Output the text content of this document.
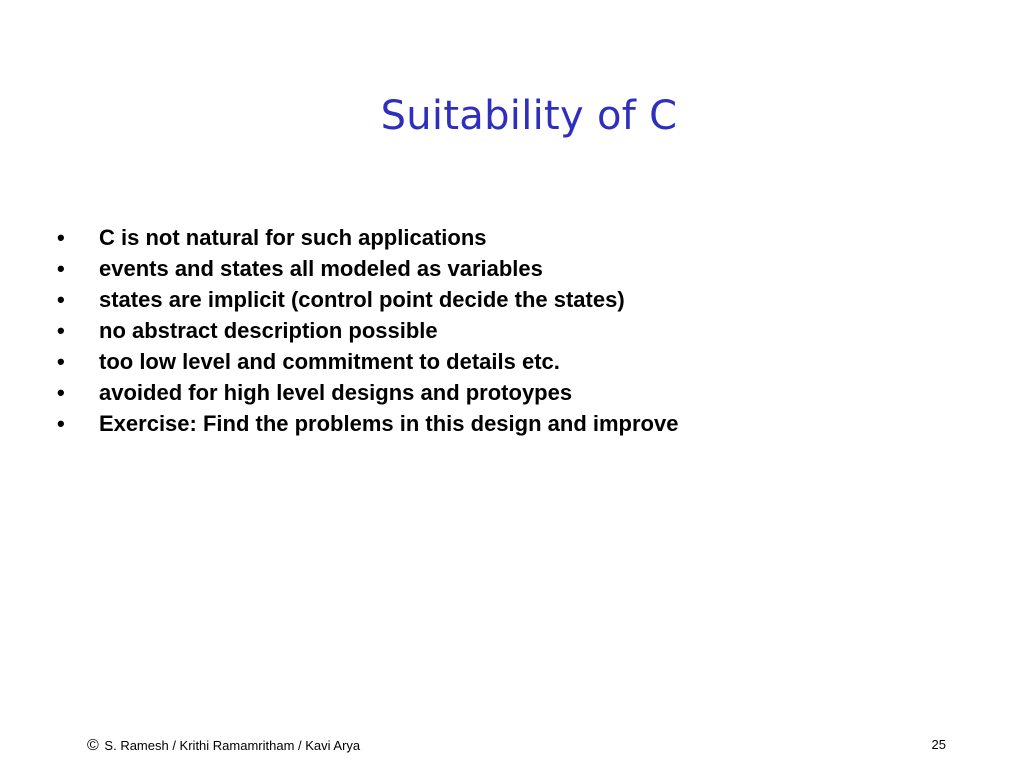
Suitability of C
•	C is not natural for such applications
•	events and states all modeled as variables
•	states are implicit (control point decide the states)
•	no abstract description possible
•	too low level and commitment to details etc.
•	avoided for high level designs and protoypes
•	Exercise: Find the problems in this design and improve
© S. Ramesh / Krithi Ramamritham / Kavi Arya	25
